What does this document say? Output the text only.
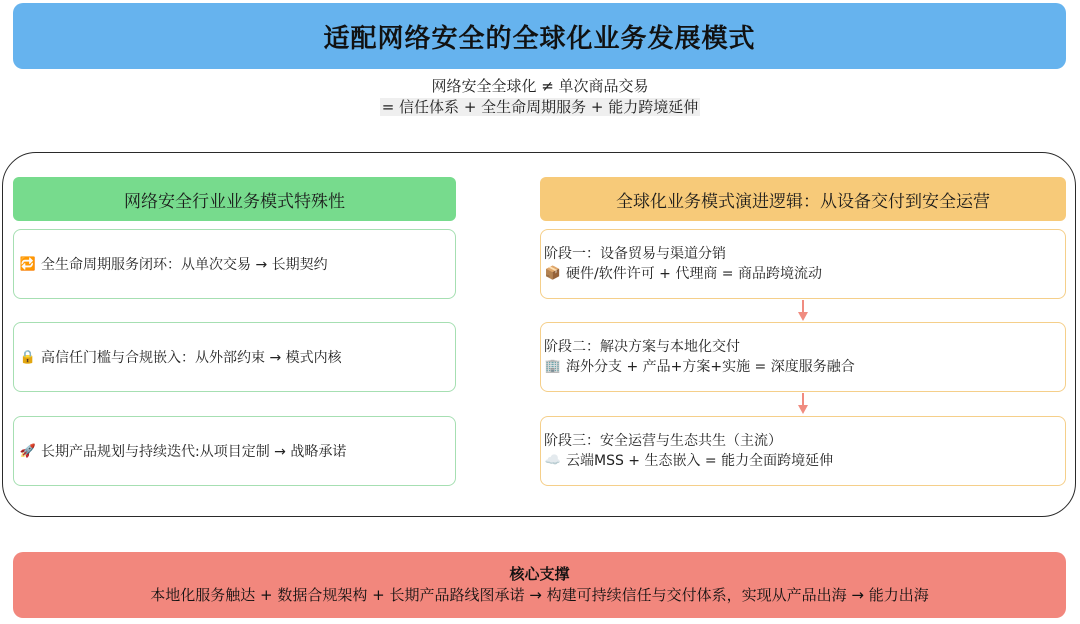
适配网络安全的全球化业务发展模式
网络安全全球化 ≠ 单次商品交易
= 信任体系 + 全生命周期服务 + 能力跨境延伸
网络安全行业业务模式特殊性
🔁 全生命周期服务闭环：从单次交易 → 长期契约
🔒 高信任门槛与合规嵌入：从外部约束 → 模式内核
🚀 长期产品规划与持续迭代:从项目定制 → 战略承诺
全球化业务模式演进逻辑：从设备交付到安全运营
阶段一：设备贸易与渠道分销
📦 硬件/软件许可 + 代理商 = 商品跨境流动
阶段二：解决方案与本地化交付
🏢 海外分支 + 产品+方案+实施 = 深度服务融合
阶段三：安全运营与生态共生（主流）
☁️ 云端MSS + 生态嵌入 = 能力全面跨境延伸
核心支撑
本地化服务触达 + 数据合规架构 + 长期产品路线图承诺 → 构建可持续信任与交付体系，实现从产品出海 → 能力出海
